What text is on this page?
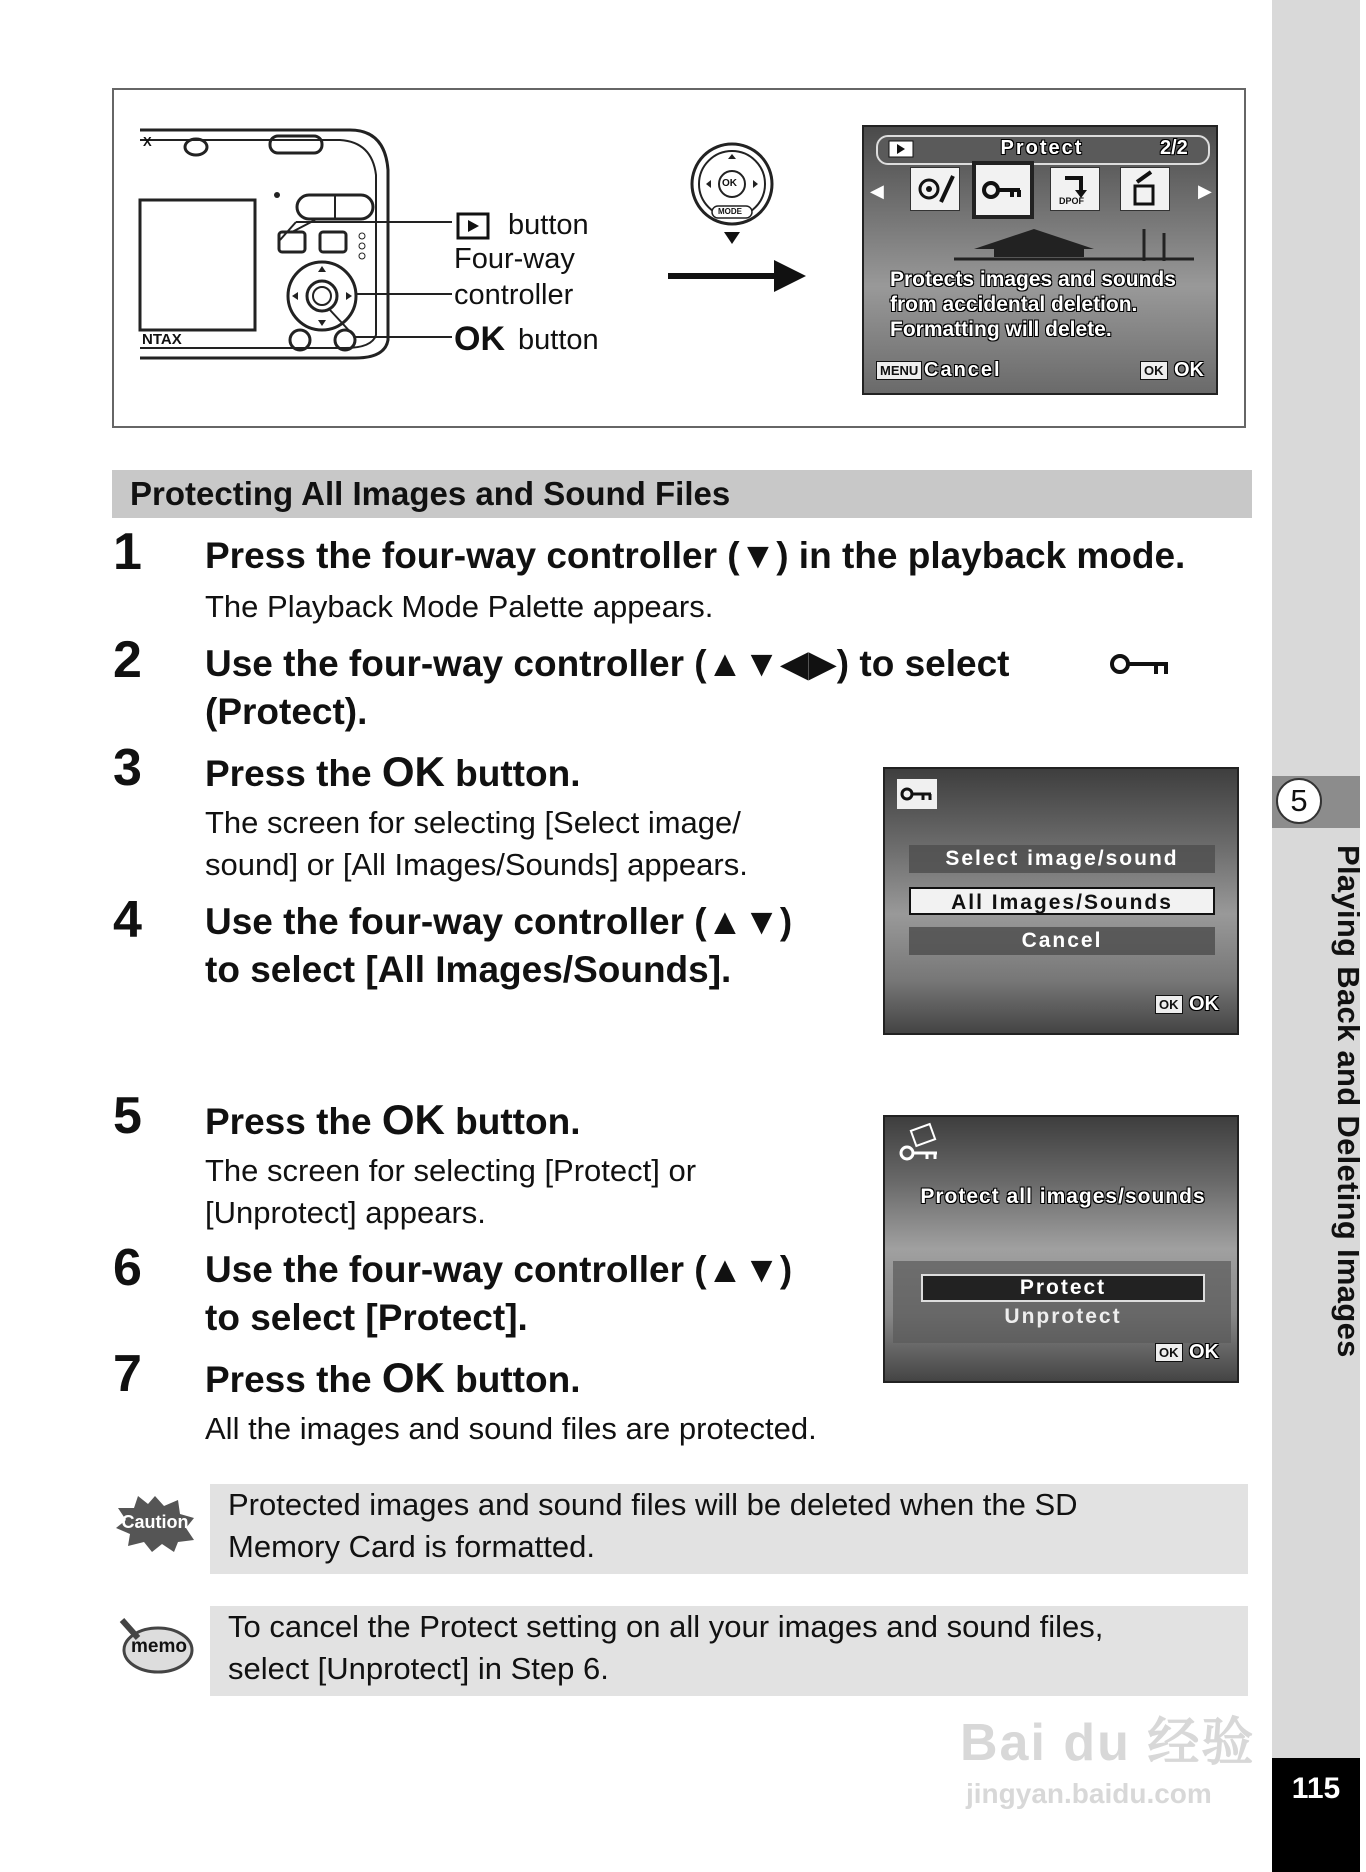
5
Playing Back and Deleting Images
115
X
NTAX
button
Four-way
controller
OK button
OK
MODE
Protect	2/2
◀	▶
DPOF
Protects images and sounds
from accidental deletion.
Formatting will delete.
MENU Cancel	OK OK
Protecting All Images and Sound Files
1 Press the four-way controller (▼) in the playback mode.
The Playback Mode Palette appears.
2 Use the four-way controller (▲▼◀▶) to select
(Protect).
3 Press the OK button.
The screen for selecting [Select image/
sound] or [All Images/Sounds] appears.
4 Use the four-way controller (▲▼)
to select [All Images/Sounds].
Select image/sound
All Images/Sounds
Cancel
OK OK
5 Press the OK button.
The screen for selecting [Protect] or
[Unprotect] appears.
6 Use the four-way controller (▲▼)
to select [Protect].
Protect all images/sounds
Protect
Unprotect
OK OK
7 Press the OK button.
All the images and sound files are protected.
Caution Protected images and sound files will be deleted when the SD
Memory Card is formatted.
memo
To cancel the Protect setting on all your images and sound files,
select [Unprotect] in Step 6.
Bai du 经验
jingyan.baidu.com
